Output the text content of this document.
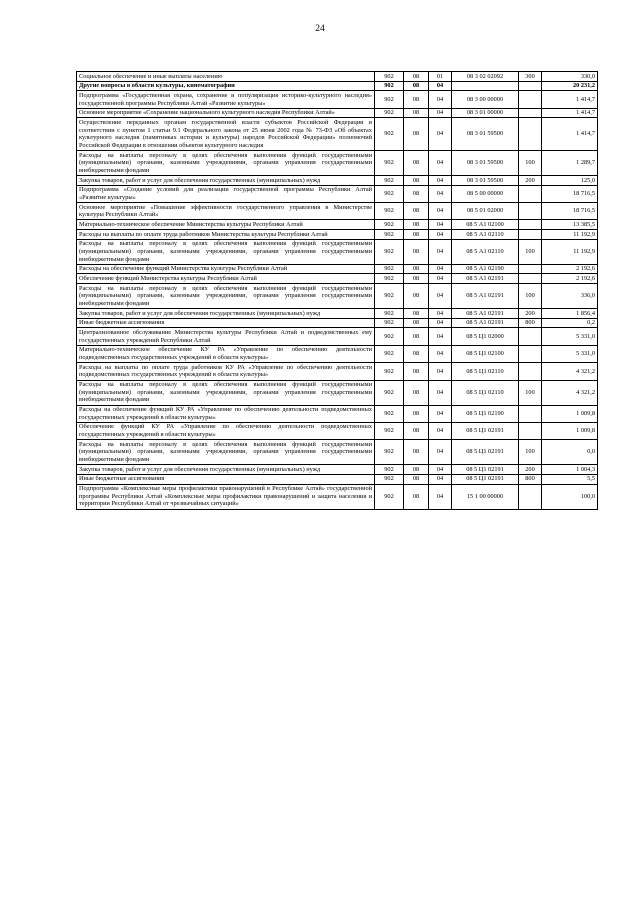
24
Социальное обеспечение и иные выплаты населению	902	08	01	08 3 02 02092	300	330,0
Другие вопросы в области культуры, кинематографии	902	08	04			20 231,2
Подпрограмма «Государственная охрана, сохранение и популяризация историко-культурного наследия» государственной программы Республики Алтай «Развитие культуры»	902	08	04	08 3 00 00000		1 414,7
Основное мероприятие «Сохранение национального культурного наследия Республики Алтай»	902	08	04	08 3 01 00000		1 414,7
Осуществление переданных органам государственной власти субъектов Российской Федерации в соответствии с пунктом 1 статьи 9.1 Федерального закона от 25 июня 2002 года № 73-ФЗ «Об объектах культурного наследия (памятниках истории и культуры) народов Российской Федерации» полномочий Российской Федерации в отношении объектов культурного наследия	902	08	04	08 3 01 59500		1 414,7
Расходы на выплаты персоналу в целях обеспечения выполнения функций государственными (муниципальными) органами, казенными учреждениями, органами управления государственными внебюджетными фондами	902	08	04	08 3 01 59500	100	1 289,7
Закупка товаров, работ и услуг для обеспечения государственных (муниципальных) нужд	902	08	04	08 3 01 59500	200	125,0
Подпрограмма «Создание условий для реализации государственной программы Республики Алтай «Развитие культуры»	902	08	04	08 5 00 00000		18 716,5
Основное мероприятие «Повышение эффективности государственного управления в Министерстве культуры Республики Алтай»	902	08	04	08 5 01 02000		18 716,5
Материально-техническое обеспечение Министерства культуры Республики Алтай	902	08	04	08 5 А1 02100		13 385,5
Расходы на выплаты по оплате труда работников Министерства культуры Республики Алтай	902	08	04	08 5 А1 02110		11 192,9
Расходы на выплаты персоналу в целях обеспечения выполнения функций государственными (муниципальными) органами, казенными учреждениями, органами управления государственными внебюджетными фондами	902	08	04	08 5 А1 02110	100	11 192,9
Расходы на обеспечение функций Министерства культуры Республики Алтай	902	08	04	08 5 А1 02190		2 192,6
Обеспечение функций Министерства культуры Республики Алтай	902	08	04	08 5 А1 02191		2 192,6
Расходы на выплаты персоналу в целях обеспечения выполнения функций государственными (муниципальными) органами, казенными учреждениями, органами управления государственными внебюджетными фондами	902	08	04	08 5 А1 02191	100	336,0
Закупка товаров, работ и услуг для обеспечения государственных (муниципальных) нужд	902	08	04	08 5 А1 02191	200	1 856,4
Иные бюджетные ассигнования	902	08	04	08 5 А1 02191	800	0,2
Централизованное обслуживание Министерства культуры Республики Алтай и подведомственных ему государственных учреждений Республики Алтай	902	08	04	08 5 Ц1 02000		5 331,0
Материально-техническое обеспечение КУ РА «Управление по обеспечению деятельности подведомственных государственных учреждений в области культуры»	902	08	04	08 5 Ц1 02100		5 331,0
Расходы на выплаты по оплате труда работников КУ РА «Управление по обеспечению деятельности подведомственных государственных учреждений в области культуры»	902	08	04	08 5 Ц1 02110		4 321,2
Расходы на выплаты персоналу в целях обеспечения выполнения функций государственными (муниципальными) органами, казенными учреждениями, органами управления государственными внебюджетными фондами	902	08	04	08 5 Ц1 02110	100	4 321,2
Расходы на обеспечение функций КУ РА «Управление по обеспечению деятельности подведомственных государственных учреждений в области культуры»	902	08	04	08 5 Ц1 02190		1 009,8
Обеспечение функций КУ РА «Управление по обеспечению деятельности подведомственных государственных учреждений в области культуры»	902	08	04	08 5 Ц1 02191		1 009,8
Расходы на выплаты персоналу в целях обеспечения выполнения функций государственными (муниципальными) органами, казенными учреждениями, органами управления государственными внебюджетными фондами	902	08	04	08 5 Ц1 02191	100	0,0
Закупка товаров, работ и услуг для обеспечения государственных (муниципальных) нужд	902	08	04	08 5 Ц1 02191	200	1 004,3
Иные бюджетные ассигнования	902	08	04	08 5 Ц1 02191	800	5,5
Подпрограмма «Комплексные меры профилактики правонарушений в Республике Алтай» государственной программы Республики Алтай «Комплексные меры профилактики правонарушений и защита населения и территории Республики Алтай от чрезвычайных ситуаций»	902	08	04	15 1 00 00000		100,0
